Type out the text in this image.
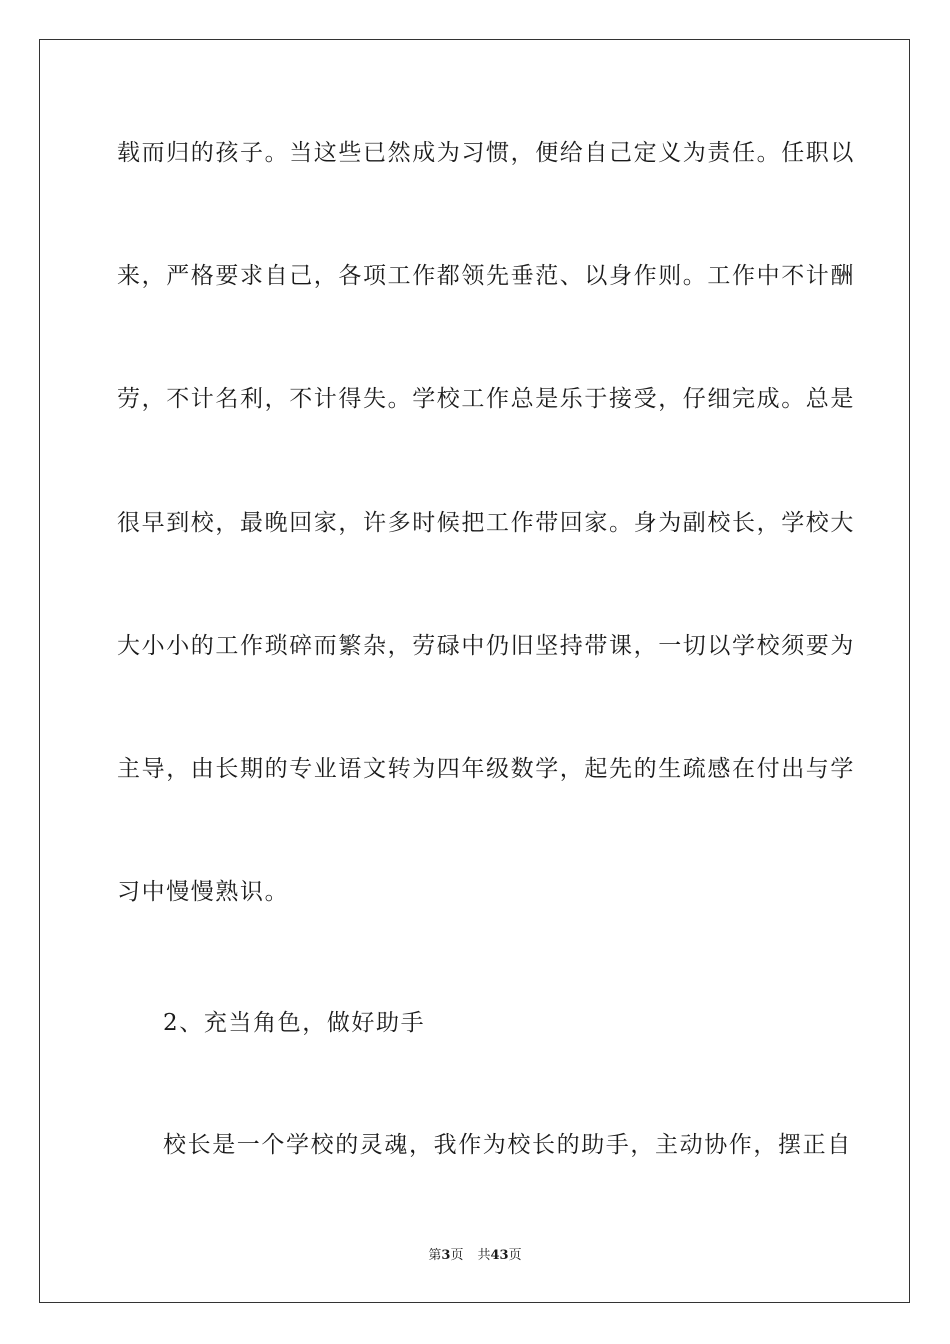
载而归的孩子。当这些已然成为习惯，便给自己定义为责任。任职以
来，严格要求自己，各项工作都领先垂范、以身作则。工作中不计酬
劳，不计名利，不计得失。学校工作总是乐于接受，仔细完成。总是
很早到校，最晚回家，许多时候把工作带回家。身为副校长，学校大
大小小的工作琐碎而繁杂，劳碌中仍旧坚持带课，一切以学校须要为
主导，由长期的专业语文转为四年级数学，起先的生疏感在付出与学
习中慢慢熟识。
2、充当角色，做好助手
校长是一个学校的灵魂，我作为校长的助手，主动协作，摆正自
第3页 共43页
